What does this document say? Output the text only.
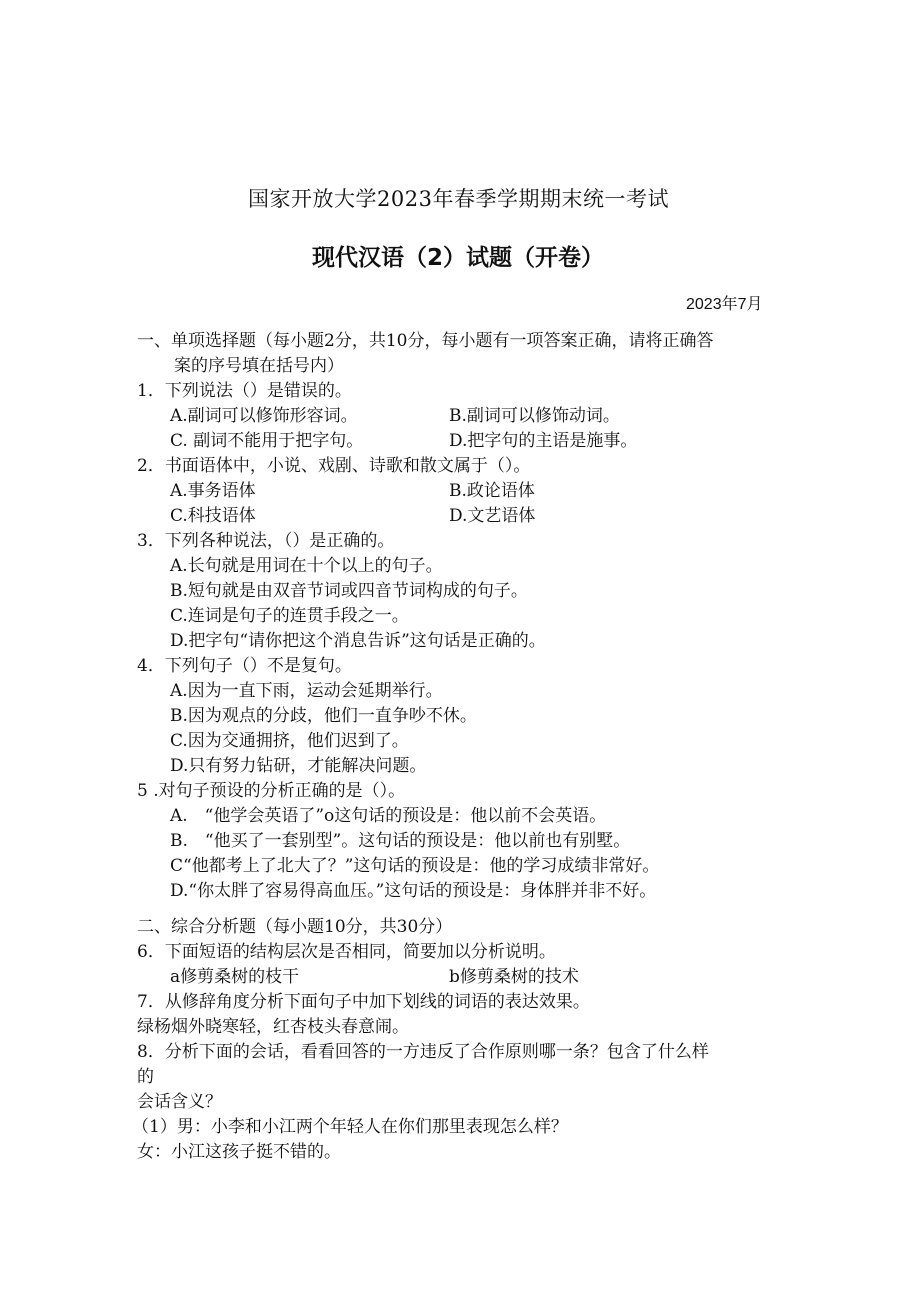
国家开放大学2023年春季学期期末统一考试
现代汉语（2）试题（开卷）
2023年7月
一、单项选择题（每小题2分，共10分，每小题有一项答案正确，请将正确答
案的序号填在括号内）
1．下列说法（）是错误的。
A.副词可以修饰形容词。	B.副词可以修饰动词。
C. 副词不能用于把字句。	D.把字句的主语是施事。
2．书面语体中，小说、戏剧、诗歌和散文属于（）。
A.事务语体	B.政论语体
C.科技语体	D.文艺语体
3．下列各种说法，（）是正确的。
A.长句就是用词在十个以上的句子。
B.短句就是由双音节词或四音节词构成的句子。
C.连词是句子的连贯手段之一。
D.把字句“请你把这个消息告诉”这句话是正确的。
4．下列句子（）不是复句。
A.因为一直下雨，运动会延期举行。
B.因为观点的分歧，他们一直争吵不休。
C.因为交通拥挤，他们迟到了。
D.只有努力钻研，才能解决问题。
5 .对句子预设的分析正确的是（）。
A.　“他学会英语了”o这句话的预设是：他以前不会英语。
B.　“他买了一套别型”。这句话的预设是：他以前也有别墅。
C“他都考上了北大了？”这句话的预设是：他的学习成绩非常好。
D.“你太胖了容易得高血压。”这句话的预设是：身体胖并非不好。
二、综合分析题（每小题10分，共30分）
6．下面短语的结构层次是否相同，简要加以分析说明。
a修剪桑树的枝干	b修剪桑树的技术
7．从修辞角度分析下面句子中加下划线的词语的表达效果。
绿杨烟外晓寒轻，红杏枝头春意闹。
8．分析下面的会话，看看回答的一方违反了合作原则哪一条？包含了什么样
的
会话含义？
（1）男：小李和小江两个年轻人在你们那里表现怎么样？
女：小江这孩子挺不错的。
